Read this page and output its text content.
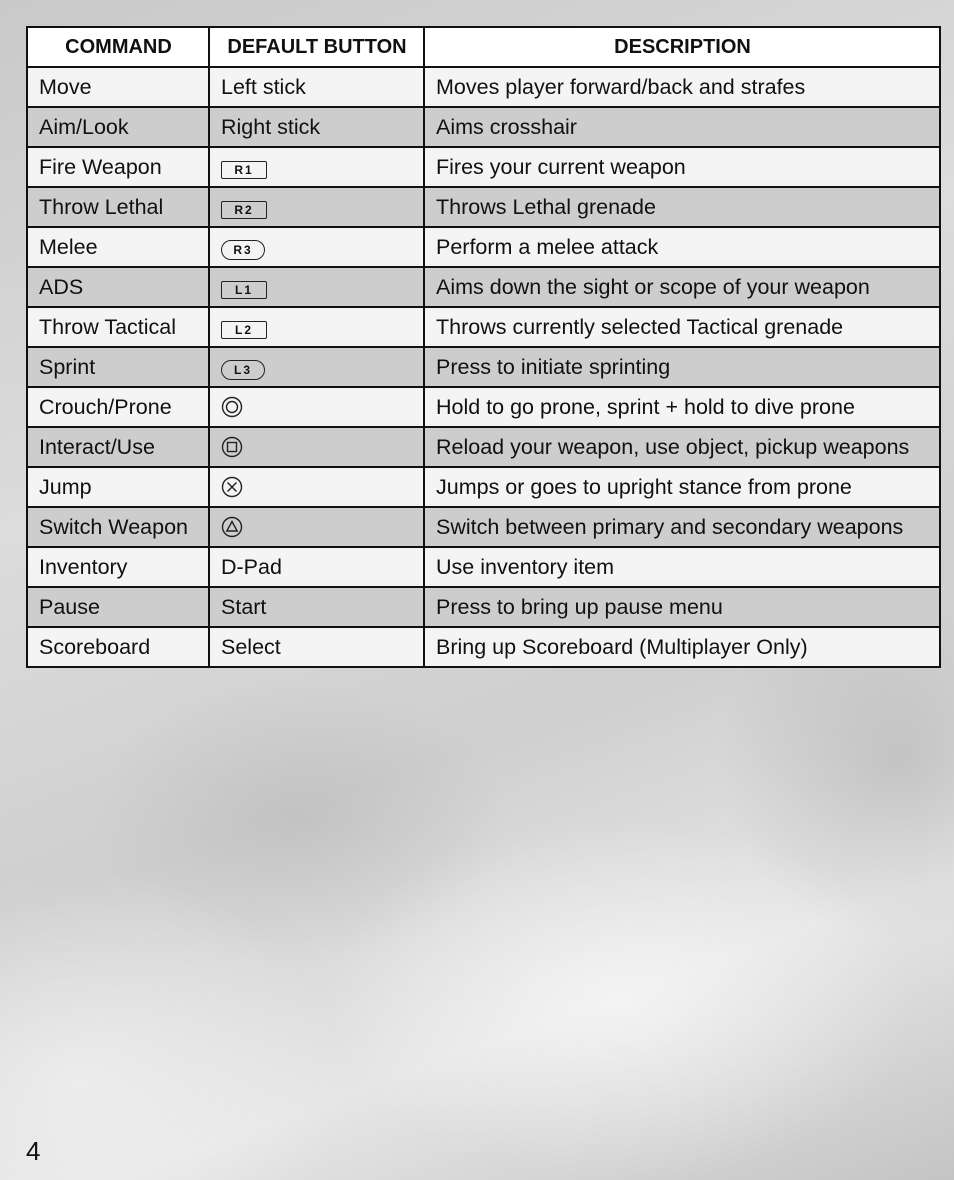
COMMAND	DEFAULT BUTTON	DESCRIPTION
Move	Left stick	Moves player forward/back and strafes
Aim/Look	Right stick	Aims crosshair
Fire Weapon	R1	Fires your current weapon
Throw Lethal	R2	Throws Lethal grenade
Melee	R3	Perform a melee attack
ADS	L1	Aims down the sight or scope of your weapon
Throw Tactical	L2	Throws currently selected Tactical grenade
Sprint	L3	Press to initiate sprinting
Crouch/Prone		Hold to go prone, sprint + hold to dive prone
Interact/Use		Reload your weapon, use object, pickup weapons
Jump		Jumps or goes to upright stance from prone
Switch Weapon		Switch between primary and secondary weapons
Inventory	D-Pad	Use inventory item
Pause	Start	Press to bring up pause menu
Scoreboard	Select	Bring up Scoreboard (Multiplayer Only)
4
